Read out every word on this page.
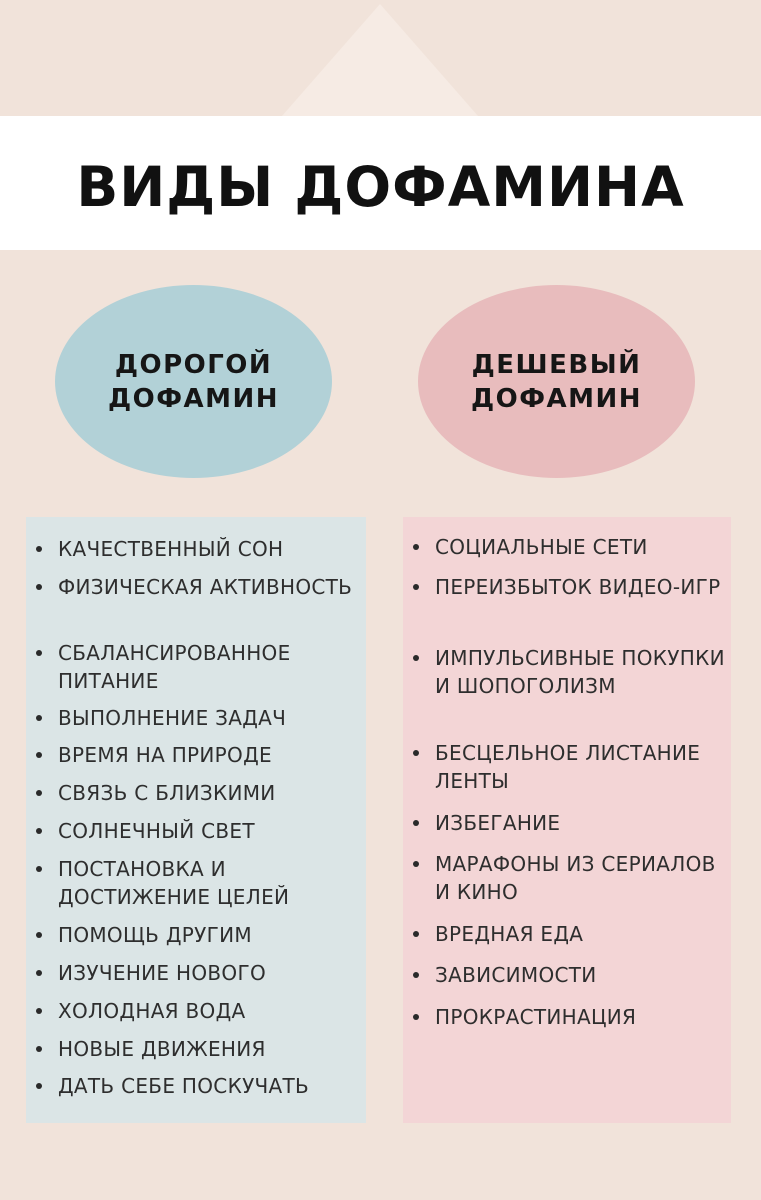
ВИДЫ ДОФАМИНА
ДОРОГОЙ ДОФАМИН
ДЕШЕВЫЙ ДОФАМИН
КАЧЕСТВЕННЫЙ СОН
ФИЗИЧЕСКАЯ АКТИВНОСТЬ
СБАЛАНСИРОВАННОЕ ПИТАНИЕ
ВЫПОЛНЕНИЕ ЗАДАЧ
ВРЕМЯ НА ПРИРОДЕ
СВЯЗЬ С БЛИЗКИМИ
СОЛНЕЧНЫЙ СВЕТ
ПОСТАНОВКА И ДОСТИЖЕНИЕ ЦЕЛЕЙ
ПОМОЩЬ ДРУГИМ
ИЗУЧЕНИЕ НОВОГО
ХОЛОДНАЯ ВОДА
НОВЫЕ ДВИЖЕНИЯ
ДАТЬ СЕБЕ ПОСКУЧАТЬ
СОЦИАЛЬНЫЕ СЕТИ
ПЕРЕИЗБЫТОК ВИДЕО-ИГР
ИМПУЛЬСИВНЫЕ ПОКУПКИ И ШОПОГОЛИЗМ
БЕСЦЕЛЬНОЕ ЛИСТАНИЕ ЛЕНТЫ
ИЗБЕГАНИЕ
МАРАФОНЫ ИЗ СЕРИАЛОВ И КИНО
ВРЕДНАЯ ЕДА
ЗАВИСИМОСТИ
ПРОКРАСТИНАЦИЯ
